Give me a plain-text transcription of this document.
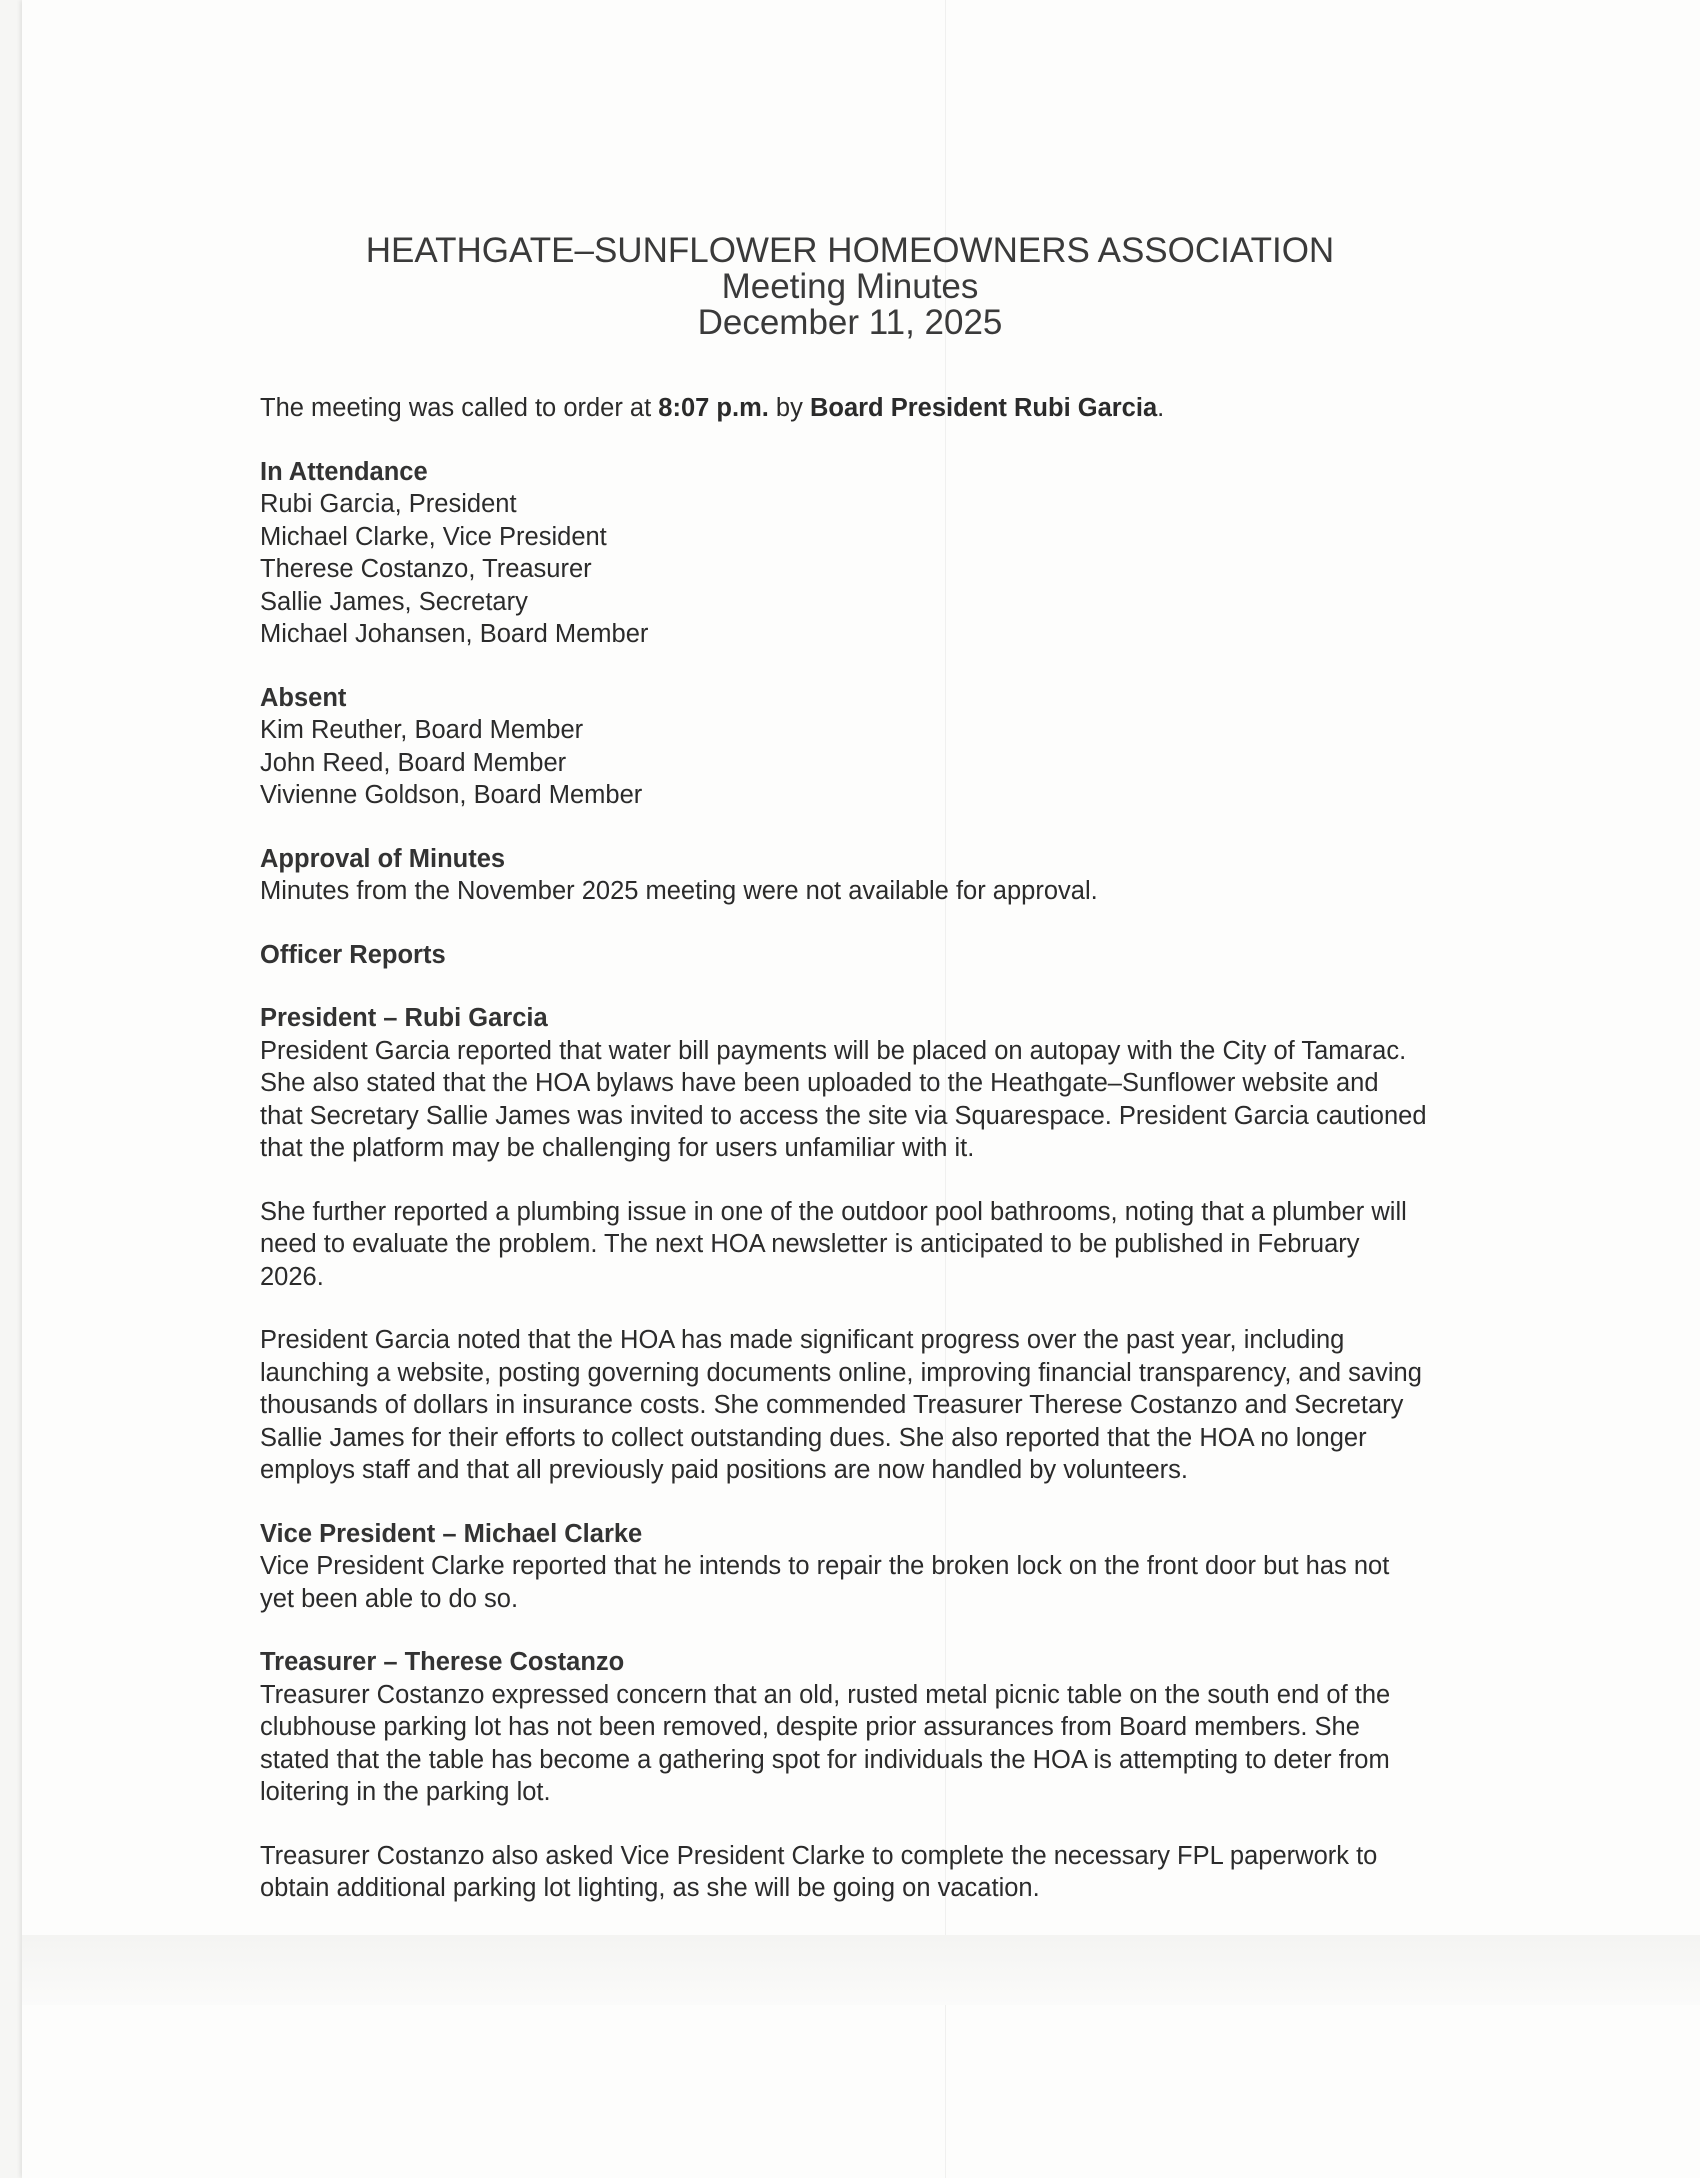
HEATHGATE–SUNFLOWER HOMEOWNERS ASSOCIATION
Meeting Minutes
December 11, 2025

The meeting was called to order at 8:07 p.m. by Board President Rubi Garcia.

In Attendance

Rubi Garcia, President

Michael Clarke, Vice President

Therese Costanzo, Treasurer

Sallie James, Secretary

Michael Johansen, Board Member

Absent

Kim Reuther, Board Member

John Reed, Board Member

Vivienne Goldson, Board Member

Approval of Minutes

Minutes from the November 2025 meeting were not available for approval.

Officer Reports

President – Rubi Garcia

President Garcia reported that water bill payments will be placed on autopay with the City of Tamarac.

She also stated that the HOA bylaws have been uploaded to the Heathgate–Sunflower website and

that Secretary Sallie James was invited to access the site via Squarespace. President Garcia cautioned

that the platform may be challenging for users unfamiliar with it.

She further reported a plumbing issue in one of the outdoor pool bathrooms, noting that a plumber will

need to evaluate the problem. The next HOA newsletter is anticipated to be published in February

2026.

President Garcia noted that the HOA has made significant progress over the past year, including

launching a website, posting governing documents online, improving financial transparency, and saving

thousands of dollars in insurance costs. She commended Treasurer Therese Costanzo and Secretary

Sallie James for their efforts to collect outstanding dues. She also reported that the HOA no longer

employs staff and that all previously paid positions are now handled by volunteers.

Vice President – Michael Clarke

Vice President Clarke reported that he intends to repair the broken lock on the front door but has not

yet been able to do so.

Treasurer – Therese Costanzo

Treasurer Costanzo expressed concern that an old, rusted metal picnic table on the south end of the

clubhouse parking lot has not been removed, despite prior assurances from Board members. She

stated that the table has become a gathering spot for individuals the HOA is attempting to deter from

loitering in the parking lot.

Treasurer Costanzo also asked Vice President Clarke to complete the necessary FPL paperwork to

obtain additional parking lot lighting, as she will be going on vacation.
